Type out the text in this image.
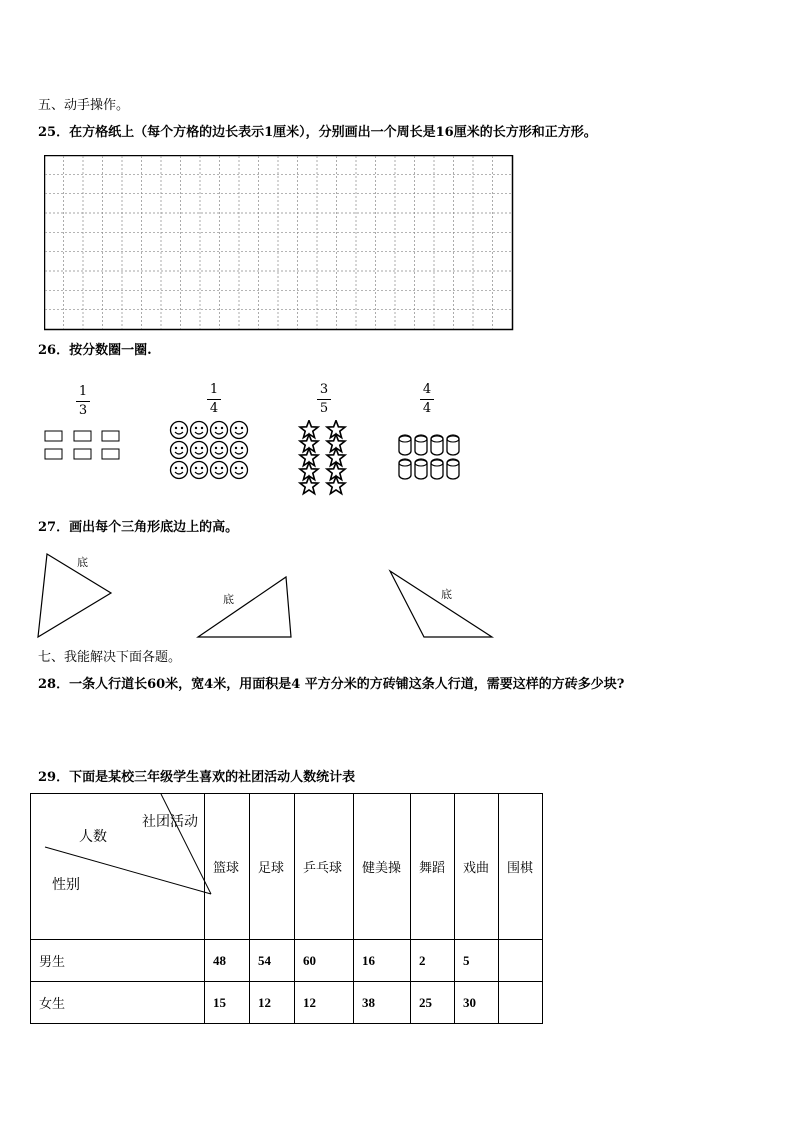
五、动手操作。
25．在方格纸上（每个方格的边长表示1厘米），分别画出一个周长是16厘米的长方形和正方形。
26．按分数圈一圈.
1
3
1
4
3
5
4
4
27．画出每个三角形底边上的高。
底
底	底
七、我能解决下面各题。
28．一条人行道长60米，宽4米，用面积是4 平方分米的方砖铺这条人行道，需要这样的方砖多少块?
29．下面是某校三年级学生喜欢的社团活动人数统计表
社团活动
人数
性别	篮球	足球	乒乓球	健美操	舞蹈	戏曲	围棋
男生	48	54	60	16	2	5	
女生	15	12	12	38	25	30	
